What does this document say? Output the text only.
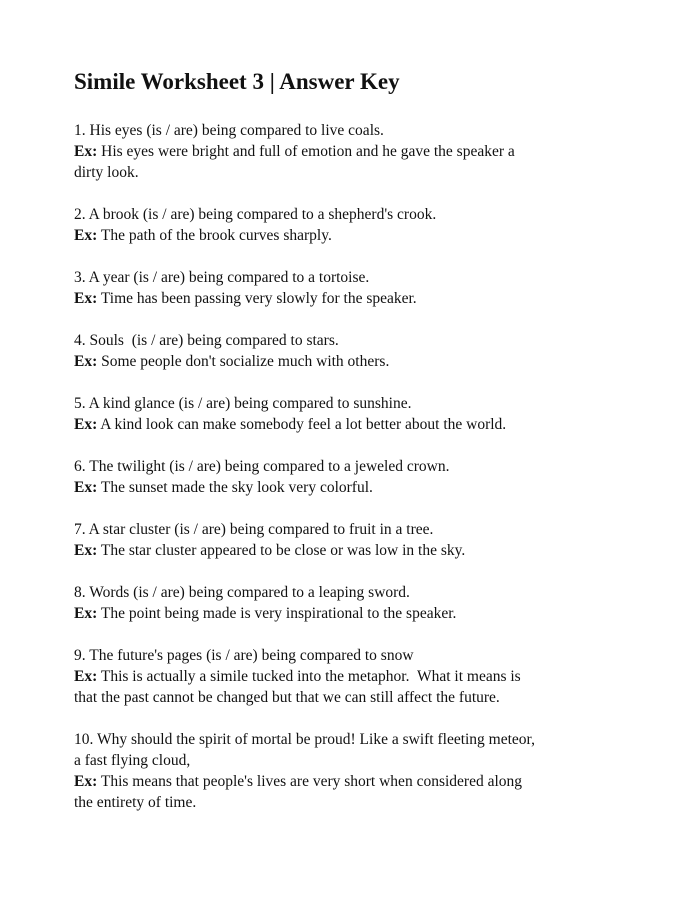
Simile Worksheet 3 | Answer Key
1. His eyes (is / are) being compared to live coals.
Ex: His eyes were bright and full of emotion and he gave the speaker a
dirty look.
2. A brook (is / are) being compared to a shepherd's crook.
Ex: The path of the brook curves sharply.
3. A year (is / are) being compared to a tortoise.
Ex: Time has been passing very slowly for the speaker.
4. Souls  (is / are) being compared to stars.
Ex: Some people don't socialize much with others.
5. A kind glance (is / are) being compared to sunshine.
Ex: A kind look can make somebody feel a lot better about the world.
6. The twilight (is / are) being compared to a jeweled crown.
Ex: The sunset made the sky look very colorful.
7. A star cluster (is / are) being compared to fruit in a tree.
Ex: The star cluster appeared to be close or was low in the sky.
8. Words (is / are) being compared to a leaping sword.
Ex: The point being made is very inspirational to the speaker.
9. The future's pages (is / are) being compared to snow
Ex: This is actually a simile tucked into the metaphor.  What it means is
that the past cannot be changed but that we can still affect the future.
10. Why should the spirit of mortal be proud! Like a swift fleeting meteor,
a fast flying cloud,
Ex: This means that people's lives are very short when considered along
the entirety of time.
